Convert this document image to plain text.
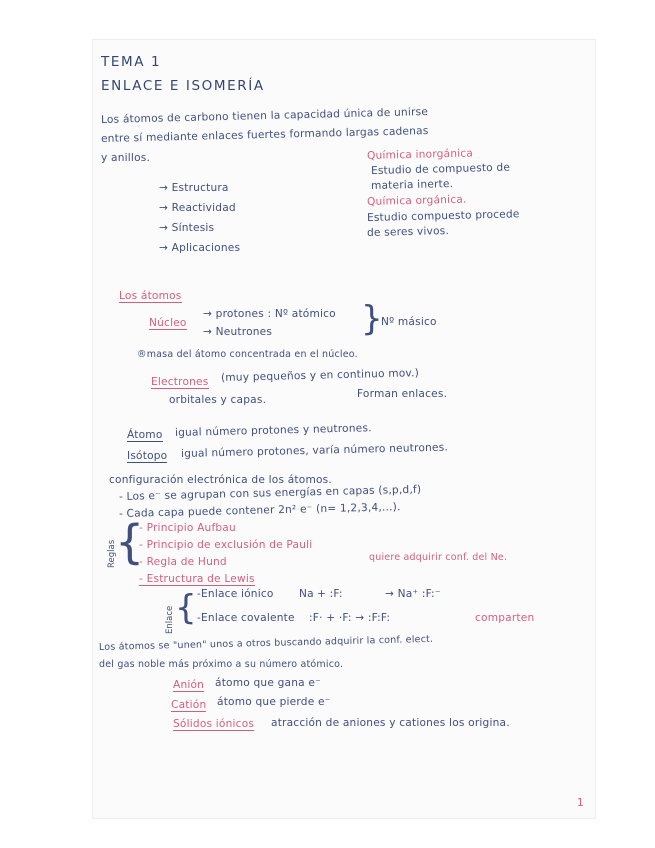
TEMA 1
ENLACE E ISOMERÍA
Los átomos de carbono tienen la capacidad única de unirse
entre sí mediante enlaces fuertes formando largas cadenas
y anillos.
→ Estructura
→ Reactividad
→ Síntesis
→ Aplicaciones
Química inorgánica
Estudio de compuesto de
materia inerte.
Química orgánica.
Estudio compuesto procede
de seres vivos.
Los átomos
Núcleo
→ protones : Nº atómico
→ Neutrones	}
Nº másico
®masa del átomo concentrada en el núcleo.
Electrones (muy pequeños y en continuo mov.)
Forman enlaces.
orbitales y capas.
Átomo igual número protones y neutrones.
Isótopo igual número protones, varía número neutrones.
configuración electrónica de los átomos.
- Los e⁻ se agrupan con sus energías en capas (s,p,d,f)
- Cada capa puede contener 2n² e⁻ (n= 1,2,3,4,...).
Reglas
{
- Principio Aufbau
- Principio de exclusión de Pauli
- Regla de Hund
- Estructura de Lewis
quiere adquirir conf. del Ne.
Enlace { -Enlace iónico Na + :F:	→ Na⁺ :F:⁻
-Enlace covalente :F· + ·F: → :F:F:	comparten
Los átomos se "unen" unos a otros buscando adquirir la conf. elect.
del gas noble más próximo a su número atómico.
Anión átomo que gana e⁻
Catión átomo que pierde e⁻
Sólidos iónicos atracción de aniones y cationes los origina.
1
